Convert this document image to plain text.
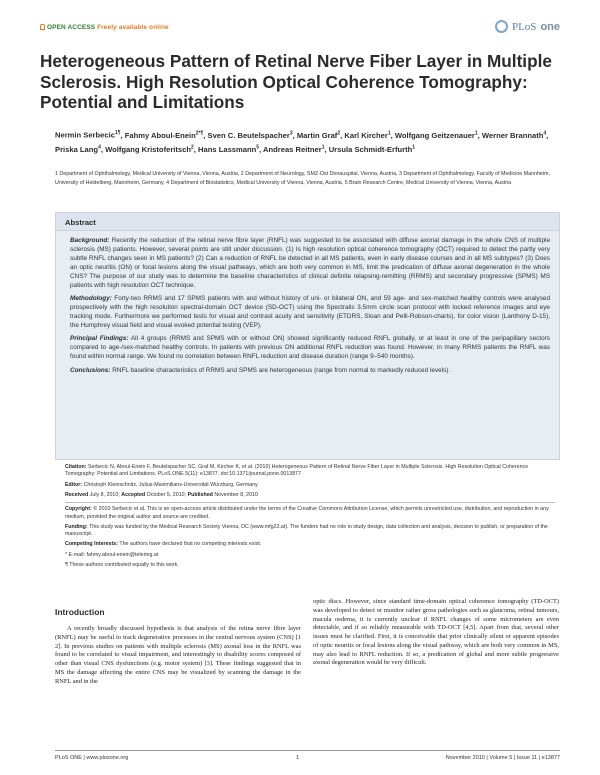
OPEN ACCESS Freely available online	PLoS one
Heterogeneous Pattern of Retinal Nerve Fiber Layer in Multiple Sclerosis. High Resolution Optical Coherence Tomography: Potential and Limitations
Nermin Serbecic$^{1\P}$, Fahmy Aboul-Enein$^{2*\P}$, Sven C. Beutelspacher$^3$, Martin Graf$^2$, Karl Kircher$^1$, Wolfgang Geitzenauer$^1$, Werner Brannath$^4$, Priska Lang$^4$, Wolfgang Kristoferitsch$^2$, Hans Lassmann$^5$, Andreas Reitner$^1$, Ursula Schmidt-Erfurth$^1$
1 Department of Ophthalmology, Medical University of Vienna, Vienna, Austria, 2 Department of Neurology, SMZ-Ost Donauspital, Vienna, Austria, 3 Department of Ophthalmology, Faculty of Medicine Mannheim, University of Heidelberg, Mannheim, Germany, 4 Department of Biostatistics, Medical University of Vienna, Vienna, Austria, 5 Brain Research Centre, Medical University of Vienna, Vienna, Austria
Abstract

Background: Recently the reduction of the retinal nerve fibre layer (RNFL) was suggested to be associated with diffuse axonal damage in the whole CNS of multiple sclerosis (MS) patients. However, several points are still under discussion. (1) Is high resolution optical coherence tomography (OCT) required to detect the partly very subtle RNFL changes seen in MS patients? (2) Can a reduction of RNFL be detected in all MS patients, even in early disease courses and in all MS subtypes? (3) Does an optic neuritis (ON) or focal lesions along the visual pathways, which are both very common in MS, limit the predication of diffuse axonal degeneration in the whole CNS? The purpose of our study was to determine the baseline characteristics of clinical definite relapsing-remitting (RRMS) and secondary progressive (SPMS) MS patients with high resolution OCT technique.

Methodology: Forty-two RRMS and 17 SPMS patients with and without history of uni- or bilateral ON, and 59 age- and sex-matched healthy controls were analysed prospectively with the high resolution spectral-domain OCT device (SD-OCT) using the Spectralis 3.5mm circle scan protocol with locked reference images and eye tracking mode. Furthermore we performed tests for visual and contrast acuity and sensitivity (ETDRS, Sloan and Pelli-Robson-charts), for color vision (Lanthony D-15), the Humphrey visual field and visual evoked potential testing (VEP).

Principal Findings: All 4 groups (RRMS and SPMS with or without ON) showed significantly reduced RNFL globally, or at least in one of the peripapillary sectors compared to age-/sex-matched healthy controls. In patients with previous ON additional RNFL reduction was found. However, in many RRMS patients the RNFL was found within normal range. We found no correlation between RNFL reduction and disease duration (range 9–540 months).

Conclusions: RNFL baseline characteristics of RRMS and SPMS are heterogeneous (range from normal to markedly reduced levels).

Citation: Serbecic N, Aboul-Enein F, Beutelspacher SC, Graf M, Kircher K, et al. (2010) Heterogeneous Pattern of Retinal Nerve Fiber Layer in Multiple Sclerosis. High Resolution Optical Coherence Tomography: Potential and Limitations. PLoS ONE 5(11): e13877. doi:10.1371/journal.pone.0013877

Editor: Christoph Kleinschnitz, Julius-Maximilians-Universität Würzburg, Germany

Received July 8, 2010; Accepted October 5, 2010; Published November 8, 2010

Copyright: © 2010 Serbecic et al. This is an open-access article distributed under the terms of the Creative Commons Attribution License, which permits unrestricted use, distribution, and reproduction in any medium, provided the original author and source are credited.

Funding: This study was funded by the Medical Research Society Vienna, DC (www.mfg22.at). The funders had no role in study design, data collection and analysis, decision to publish, or preparation of the manuscript.

Competing Interests: The authors have declared that no competing interests exist.

* E-mail: fahmy.aboul-enein@telering.at

¶ These authors contributed equally to this work.

Introduction

A recently broadly discussed hypothesis is that analysis of the retina nerve fibre layer (RNFL) may be useful to track degenerative processes in the central nervous system (CNS) [1 2]. In previous studies on patients with multiple sclerosis (MS) axonal loss in the RNFL was found to be correlated to visual impairment, and interestingly to disability scores composed of other than visual CNS dysfunctions (e.g. motor system) [3]. These findings suggested that in MS the damage affecting the entire CNS may be visualized by scanning the damage in the RNFL and in the

optic discs. However, since standard time-domain optical coherence tomography (TD-OCT) was developed to detect or monitor rather gross pathologies such as glaucoma, retinal tumours, macula oedema, it is currently unclear if RNFL changes of some micrometers are even detectable, and if so reliably measurable with TD-OCT [4,5]. Apart from that, several other issues must be clarified. First, it is conceivable that prior clinically silent or apparent episodes of optic neuritis or focal lesions along the visual pathway, which are both very common in MS, may also lead to RNFL reduction. If so, a predication of global and more subtle progressive axonal degeneration would be very difficult.

PLoS ONE | www.plosone.org	1	November 2010 | Volume 5 | Issue 11 | e13877
